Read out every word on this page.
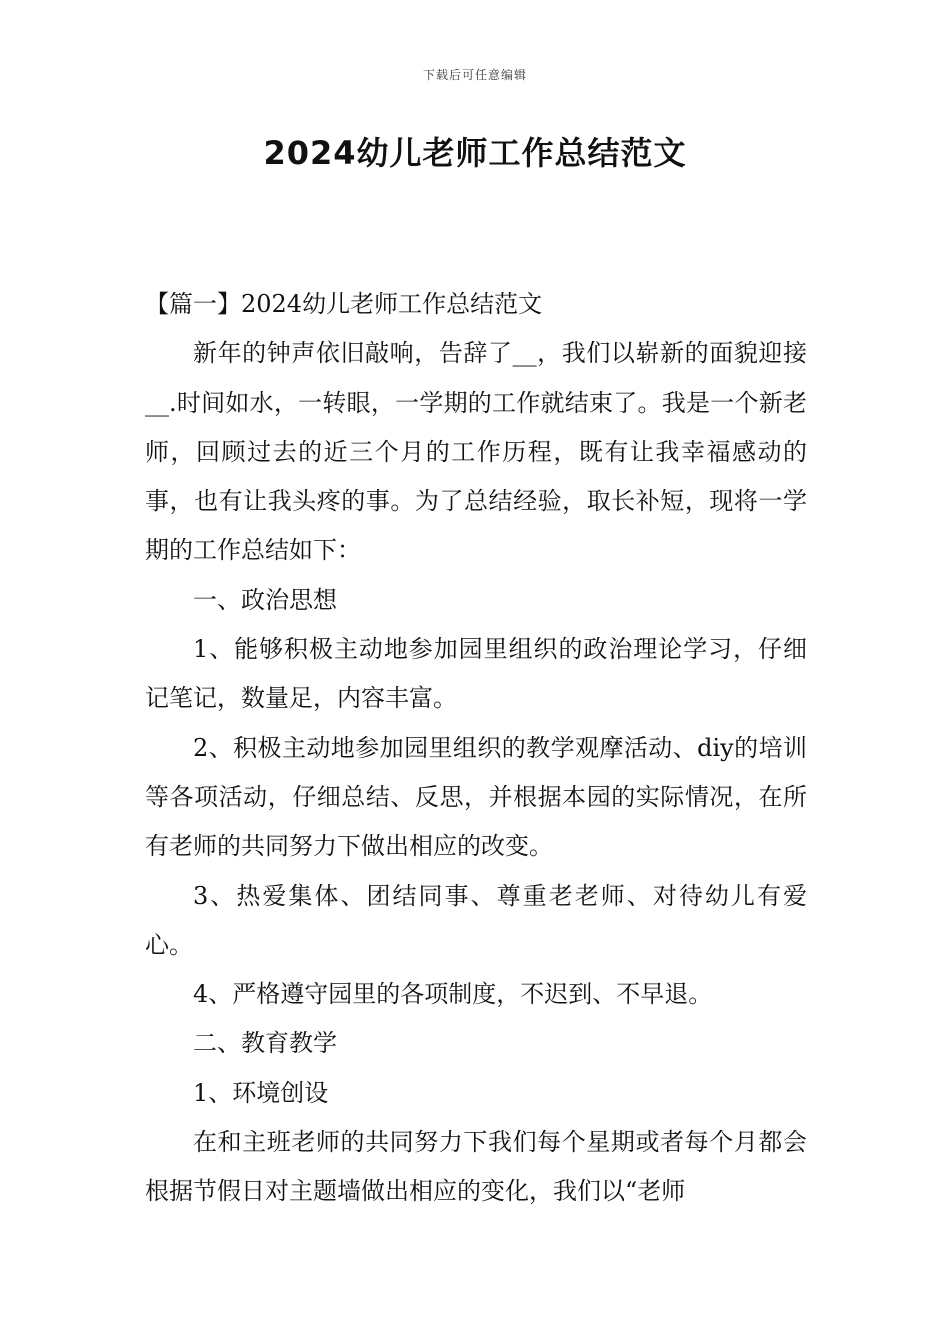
下载后可任意编辑
2024幼儿老师工作总结范文

【篇一】2024幼儿老师工作总结范文

新年的钟声依旧敲响，告辞了__，我们以崭新的面貌迎接__.时间如水，一转眼，一学期的工作就结束了。我是一个新老师，回顾过去的近三个月的工作历程，既有让我幸福感动的事，也有让我头疼的事。为了总结经验，取长补短，现将一学期的工作总结如下：

一、政治思想

1、能够积极主动地参加园里组织的政治理论学习，仔细记笔记，数量足，内容丰富。

2、积极主动地参加园里组织的教学观摩活动、diy的培训等各项活动，仔细总结、反思，并根据本园的实际情况，在所有老师的共同努力下做出相应的改变。

3、热爱集体、团结同事、尊重老老师、对待幼儿有爱心。

4、严格遵守园里的各项制度，不迟到、不早退。

二、教育教学

1、环境创设

在和主班老师的共同努力下我们每个星期或者每个月都会根据节假日对主题墙做出相应的变化，我们以“老师
